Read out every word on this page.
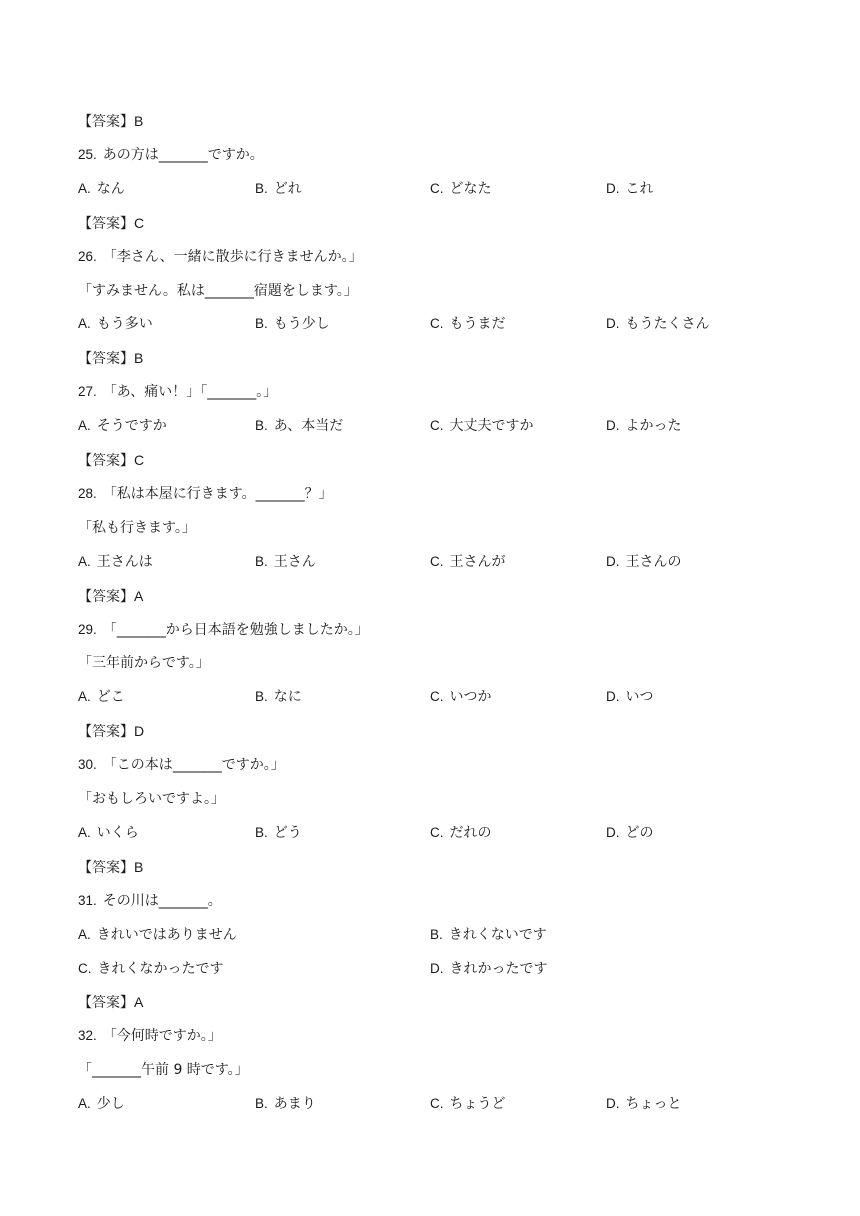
【答案】B
25. あの方は_______ですか。
A. なん	B. どれ	C. どなた	D. これ
【答案】C
26. 「李さん、一緒に散歩に行きませんか。」
「すみません。私は_______宿題をします。」
A. もう多い	B. もう少し	C. もうまだ	D. もうたくさん
【答案】B
27. 「あ、痛い！」「_______。」
A. そうですか	B. あ、本当だ	C. 大丈夫ですか	D. よかった
【答案】C
28. 「私は本屋に行きます。_______？」
「私も行きます。」
A. 王さんは	B. 王さん	C. 王さんが	D. 王さんの
【答案】A
29. 「_______から日本語を勉強しましたか。」
「三年前からです。」
A. どこ	B. なに	C. いつか	D. いつ
【答案】D
30. 「この本は_______ですか。」
「おもしろいですよ。」
A. いくら	B. どう	C. だれの	D. どの
【答案】B
31. その川は_______。
A. きれいではありません	B. きれくないです
C. きれくなかったです	D. きれかったです
【答案】A
32. 「今何時ですか。」
「_______午前 9 時です。」
A. 少し	B. あまり	C. ちょうど	D. ちょっと
